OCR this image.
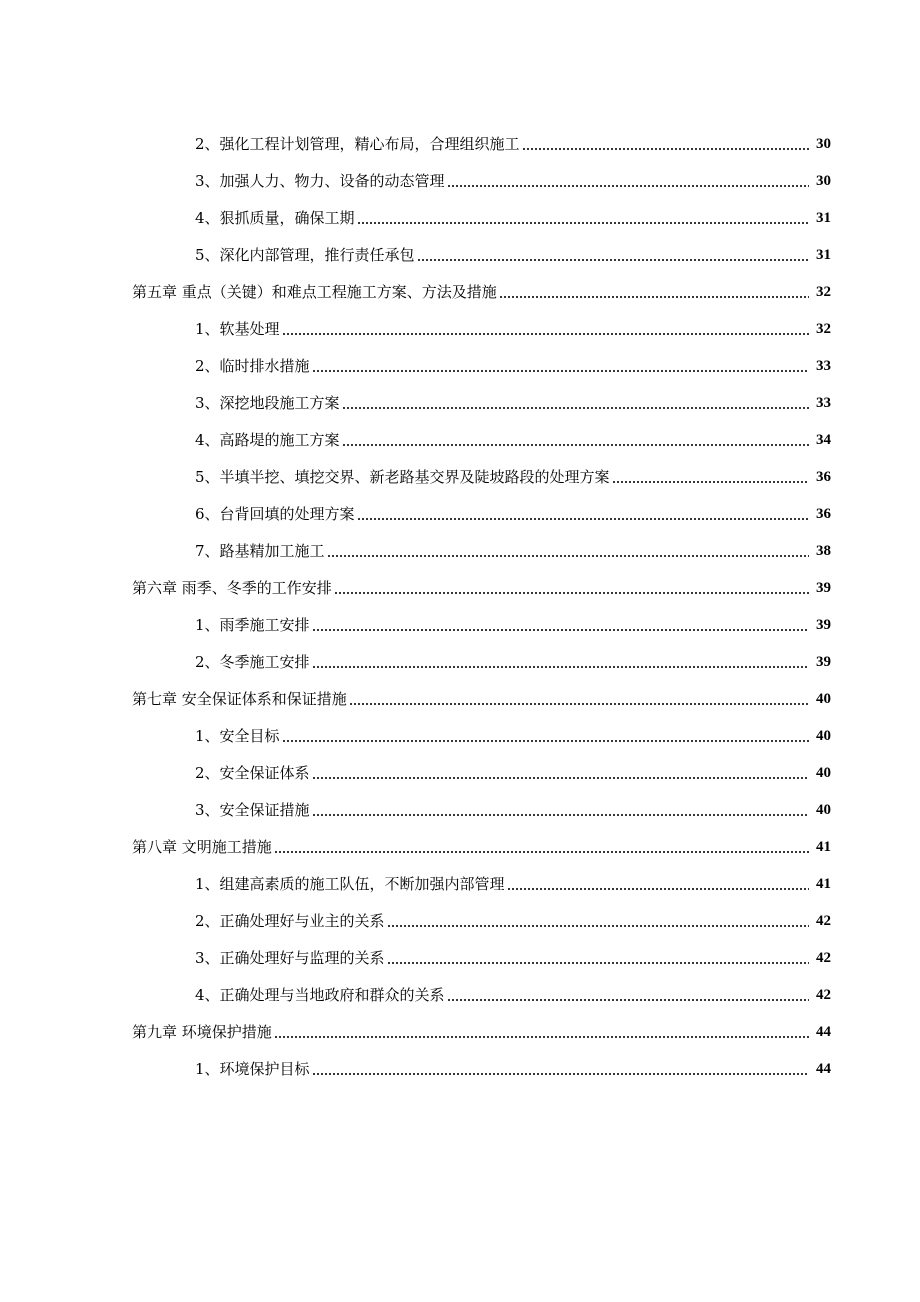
2、强化工程计划管理，精心布局，合理组织施工	30
3、加强人力、物力、设备的动态管理	30
4、狠抓质量，确保工期	31
5、深化内部管理，推行责任承包	31
第五章 重点（关键）和难点工程施工方案、方法及措施	32
1、软基处理	32
2、临时排水措施	33
3、深挖地段施工方案	33
4、高路堤的施工方案	34
5、半填半挖、填挖交界、新老路基交界及陡坡路段的处理方案	36
6、台背回填的处理方案	36
7、路基精加工施工	38
第六章 雨季、冬季的工作安排	39
1、雨季施工安排	39
2、冬季施工安排	39
第七章 安全保证体系和保证措施	40
1、安全目标	40
2、安全保证体系	40
3、安全保证措施	40
第八章 文明施工措施	41
1、组建高素质的施工队伍，不断加强内部管理	41
2、正确处理好与业主的关系	42
3、正确处理好与监理的关系	42
4、正确处理与当地政府和群众的关系	42
第九章 环境保护措施	44
1、环境保护目标	44
